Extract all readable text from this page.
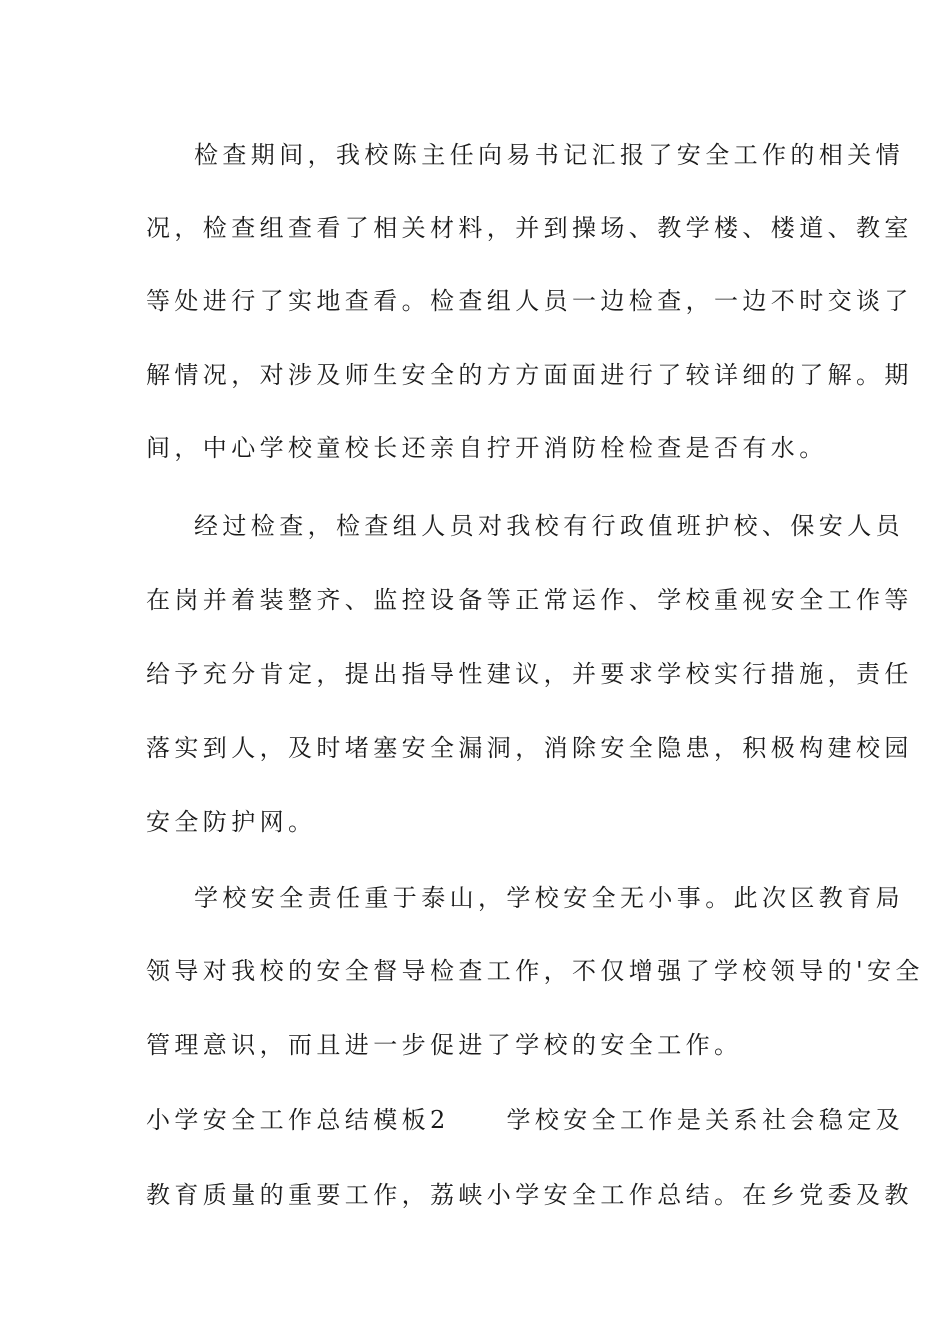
检查期间，我校陈主任向易书记汇报了安全工作的相关情
况，检查组查看了相关材料，并到操场、教学楼、楼道、教室
等处进行了实地查看。检查组人员一边检查，一边不时交谈了
解情况，对涉及师生安全的方方面面进行了较详细的了解。期
间，中心学校童校长还亲自拧开消防栓检查是否有水。
经过检查，检查组人员对我校有行政值班护校、保安人员
在岗并着装整齐、监控设备等正常运作、学校重视安全工作等
给予充分肯定，提出指导性建议，并要求学校实行措施，责任
落实到人，及时堵塞安全漏洞，消除安全隐患，积极构建校园
安全防护网。
学校安全责任重于泰山，学校安全无小事。此次区教育局
领导对我校的安全督导检查工作，不仅增强了学校领导的'安全
管理意识，而且进一步促进了学校的安全工作。
小学安全工作总结模板2　　学校安全工作是关系社会稳定及
教育质量的重要工作，荔峡小学安全工作总结。在乡党委及教
